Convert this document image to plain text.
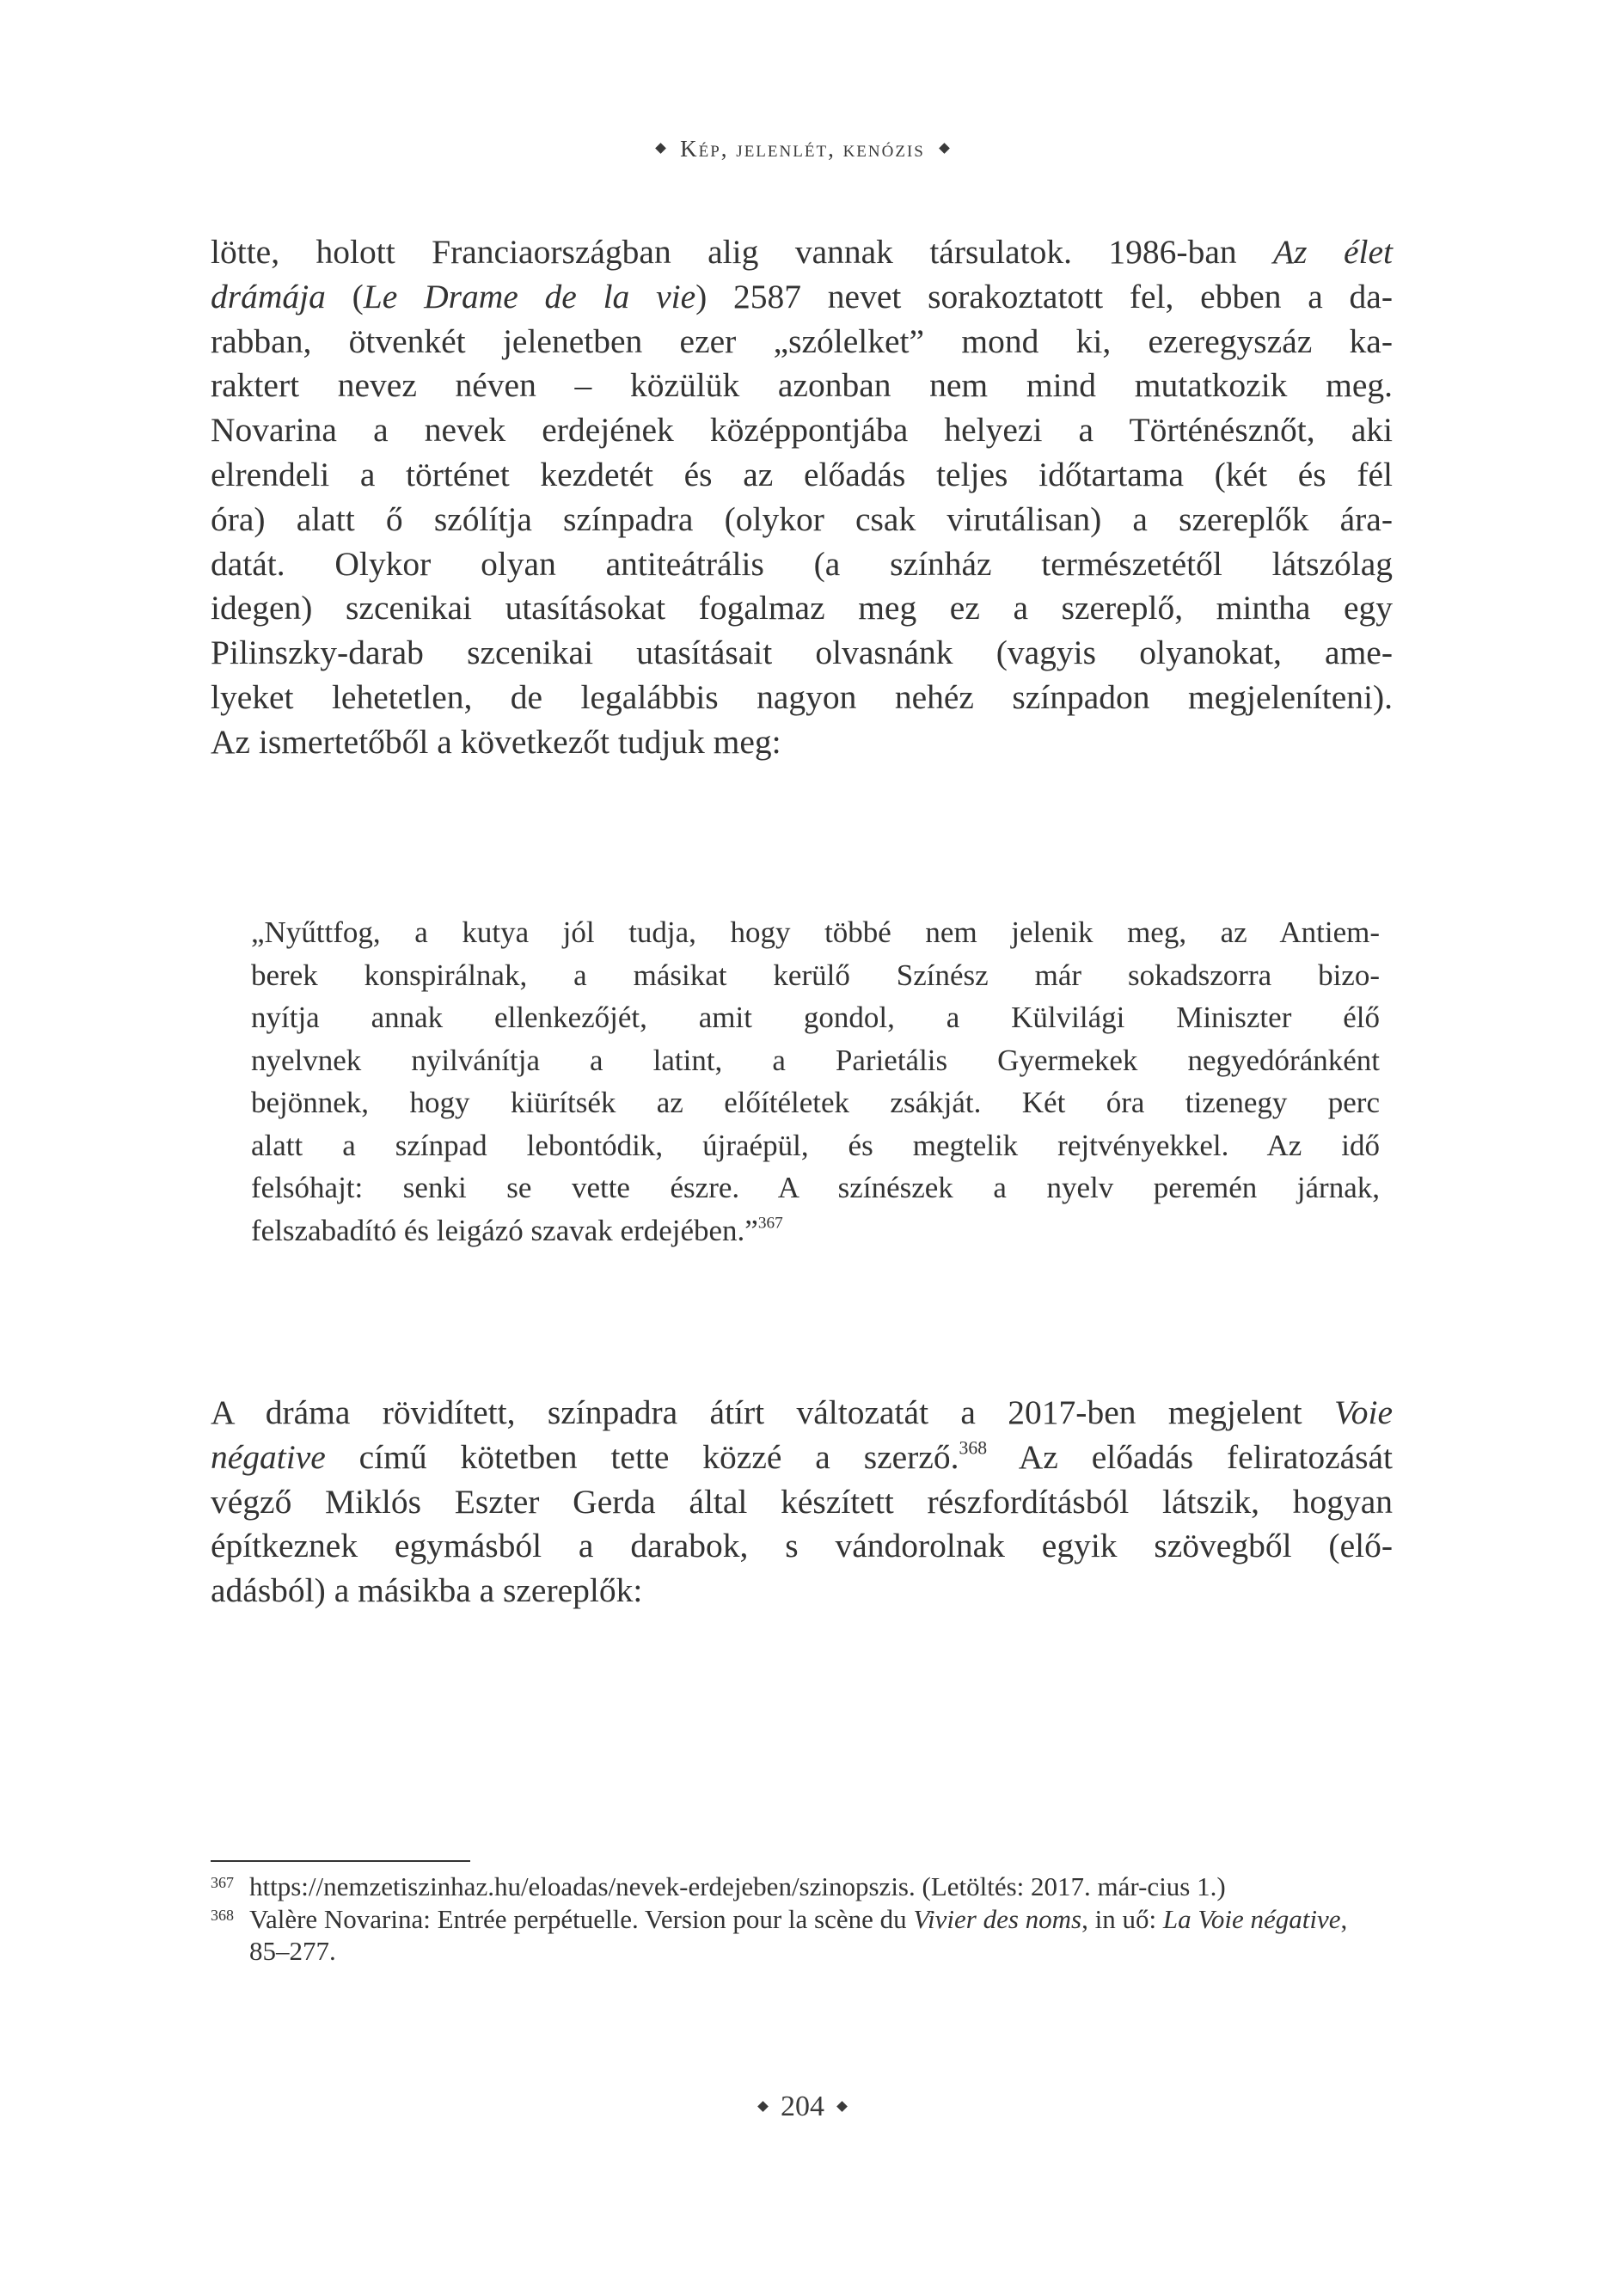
Kép, jelenlét, kenózis
lötte, holott Franciaországban alig vannak társulatok. 1986-ban Az élet
drámája (Le Drame de la vie) 2587 nevet sorakoztatott fel, ebben a da-
rabban, ötvenkét jelenetben ezer „szólelket” mond ki, ezeregyszáz ka-
raktert nevez néven – közülük azonban nem mind mutatkozik meg.
Novarina a nevek erdejének középpontjába helyezi a Történésznőt, aki
elrendeli a történet kezdetét és az előadás teljes időtartama (két és fél
óra) alatt ő szólítja színpadra (olykor csak virutálisan) a szereplők ára-
datát. Olykor olyan antiteátrális (a színház természetétől látszólag
idegen) szcenikai utasításokat fogalmaz meg ez a szereplő, mintha egy
Pilinszky-darab szcenikai utasításait olvasnánk (vagyis olyanokat, ame-
lyeket lehetetlen, de legalábbis nagyon nehéz színpadon megjeleníteni).
Az ismertetőből a következőt tudjuk meg:
„Nyűttfog, a kutya jól tudja, hogy többé nem jelenik meg, az Antiem-
berek konspirálnak, a másikat kerülő Színész már sokadszorra bizo-
nyítja annak ellenkezőjét, amit gondol, a Külvilági Miniszter élő
nyelvnek nyilvánítja a latint, a Parietális Gyermekek negyedóránként
bejönnek, hogy kiürítsék az előítéletek zsákját. Két óra tizenegy perc
alatt a színpad lebontódik, újraépül, és megtelik rejtvényekkel. Az idő
felsóhajt: senki se vette észre. A színészek a nyelv peremén járnak,
felszabadító és leigázó szavak erdejében.”$^{367}$
A dráma rövidített, színpadra átírt változatát a 2017-ben megjelent Voie
négative című kötetben tette közzé a szerző.$^{368}$ Az előadás feliratozását
végző Miklós Eszter Gerda által készített részfordításból látszik, hogyan
építkeznek egymásból a darabok, s vándorolnak egyik szövegből (elő-
adásból) a másikba a szereplők:
367 https://nemzetiszinhaz.hu/eloadas/nevek-erdejeben/szinopszis. (Letöltés: 2017. már-cius 1.)
368 Valère Novarina: Entrée perpétuelle. Version pour la scène du Vivier des noms, in uő: La Voie négative, 85–277.
204
